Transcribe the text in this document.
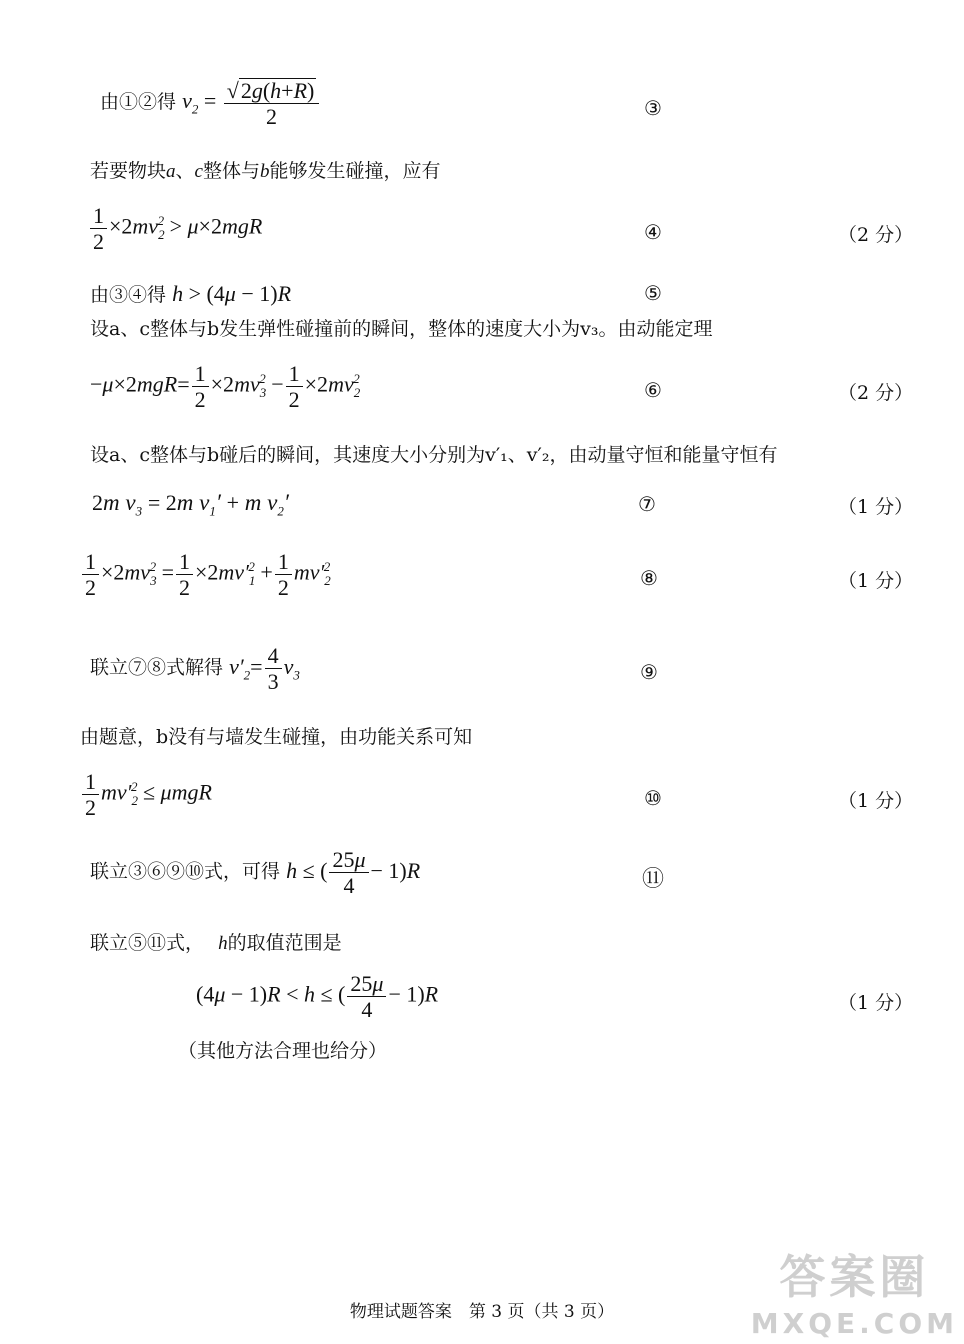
由①②得 $v_2 = \frac{√2g(h+R)}{2}$	③
若要物块a、c整体与b能够发生碰撞，应有
$\frac{1}{2} \times 2mv_2^2 > \mu\times 2mgR$	④	（2 分）
由③④得 h > (4μ − 1)R	⑤
设a、c整体与b发生弹性碰撞前的瞬间，整体的速度大小为v₃。由动能定理
$-\mu\times 2mgR= \frac{1}{2} \times 2mv_3^2 - \frac{1}{2} \times 2mv_2^2$	⑥	（2 分）
设a、c整体与b碰后的瞬间，其速度大小分别为v′₁、v′₂，由动量守恒和能量守恒有
2m $v_3 = 2m$ $v_1' + m$ $v_2'$	⑦	（1 分）
$\frac{1}{2} \times 2mv_3^2 = \frac{1}{2} \times 2mv'_1^2 + \frac{1}{2} mv'_2^2$	⑧	（1 分）
联立⑦⑧式解得 $v'_2= \frac{4}{3} v_3$	⑨
由题意，b没有与墙发生碰撞，由功能关系可知
$\frac{1}{2} mv'_2^2 \le \mu mgR$	⑩	（1 分）
联立③⑥⑨⑩式，可得 h ≤ ( $\frac{25\mu}{4} - 1)R$	⑪
联立⑤⑪式， h的取值范围是
(4μ − 1)R < h ≤ ( $\frac{25\mu}{4} - 1)R$	（1 分）
（其他方法合理也给分）
物理试题答案　第 3 页（共 3 页）
答案圈
MXQE.COM
